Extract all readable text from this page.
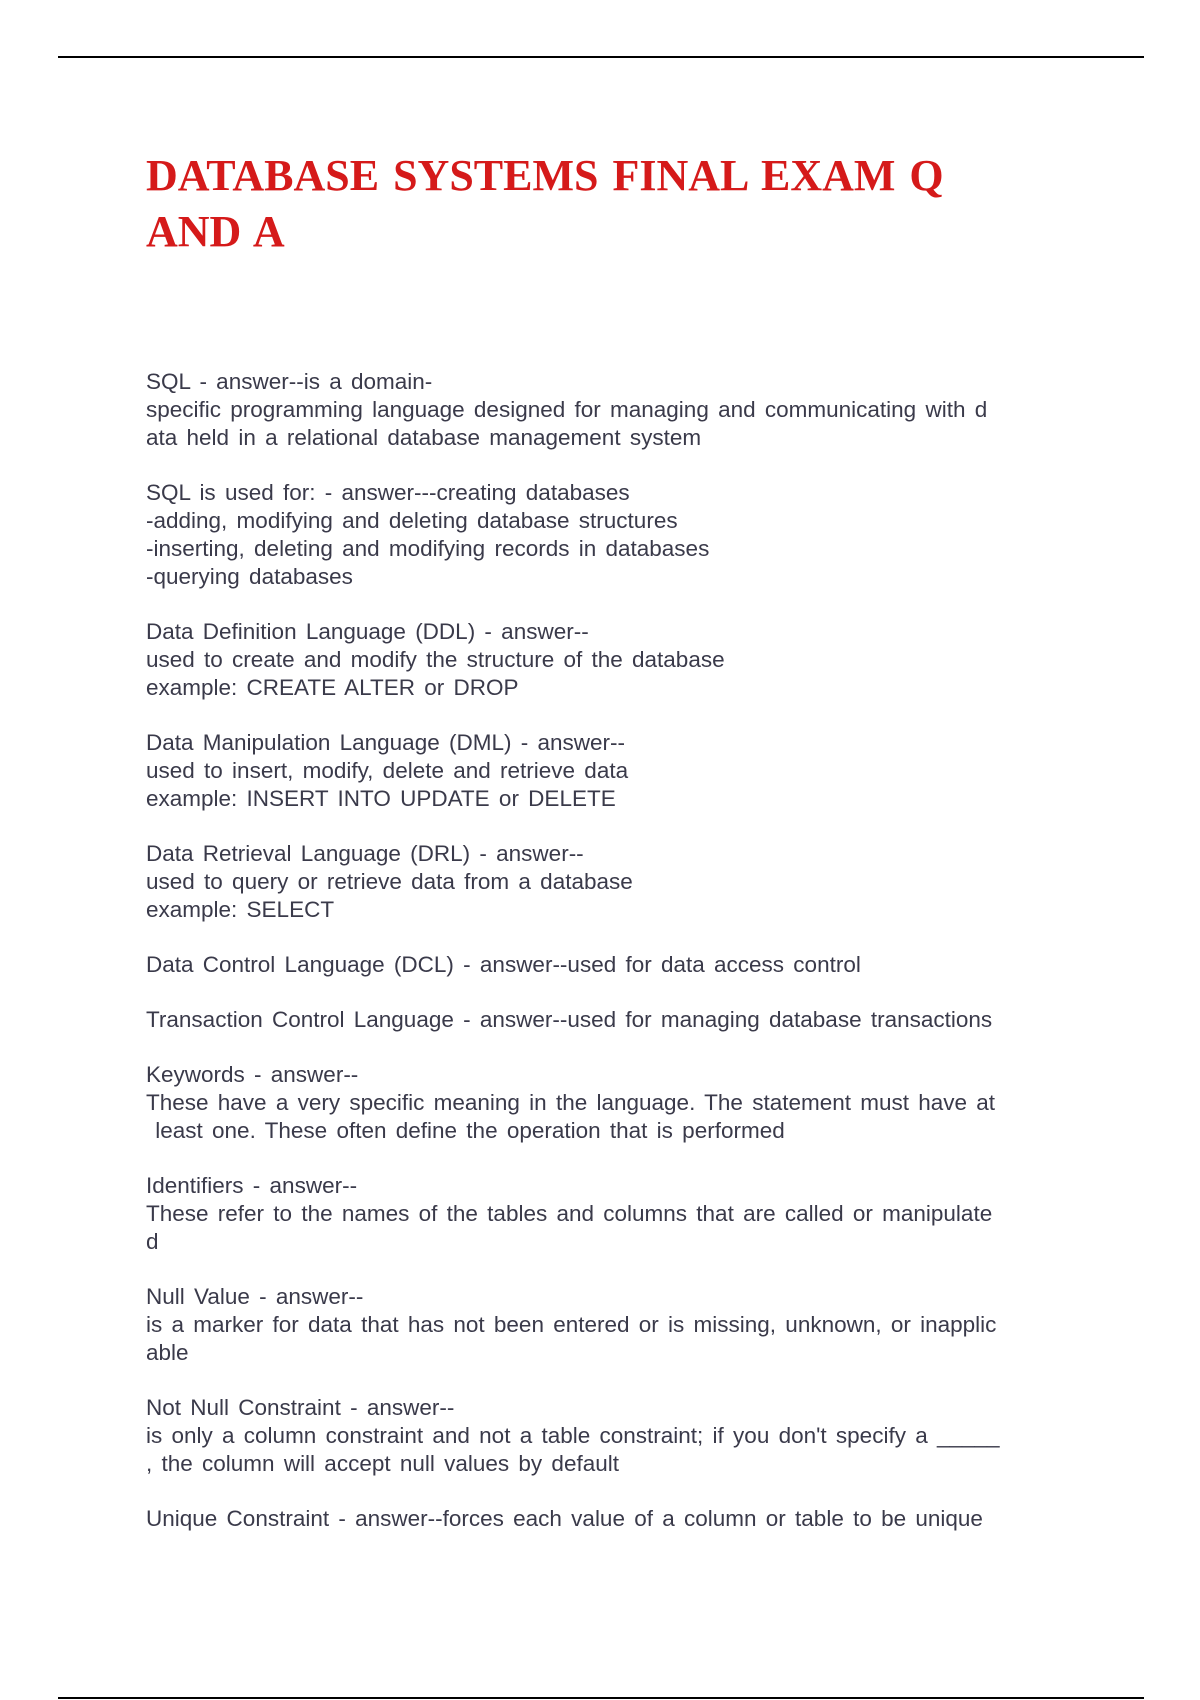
DATABASE SYSTEMS FINAL EXAM Q
AND A
SQL - answer--is a domain-
specific programming language designed for managing and communicating with d
ata held in a relational database management system
SQL is used for: - answer---creating databases
-adding, modifying and deleting database structures
-inserting, deleting and modifying records in databases
-querying databases
Data Definition Language (DDL) - answer--
used to create and modify the structure of the database
example: CREATE ALTER or DROP
Data Manipulation Language (DML) - answer--
used to insert, modify, delete and retrieve data
example: INSERT INTO UPDATE or DELETE
Data Retrieval Language (DRL) - answer--
used to query or retrieve data from a database
example: SELECT
Data Control Language (DCL) - answer--used for data access control
Transaction Control Language - answer--used for managing database transactions
Keywords - answer--
These have a very specific meaning in the language. The statement must have at
least one. These often define the operation that is performed
Identifiers - answer--
These refer to the names of the tables and columns that are called or manipulate
d
Null Value - answer--
is a marker for data that has not been entered or is missing, unknown, or inapplic
able
Not Null Constraint - answer--
is only a column constraint and not a table constraint; if you don't specify a _____
, the column will accept null values by default
Unique Constraint - answer--forces each value of a column or table to be unique
